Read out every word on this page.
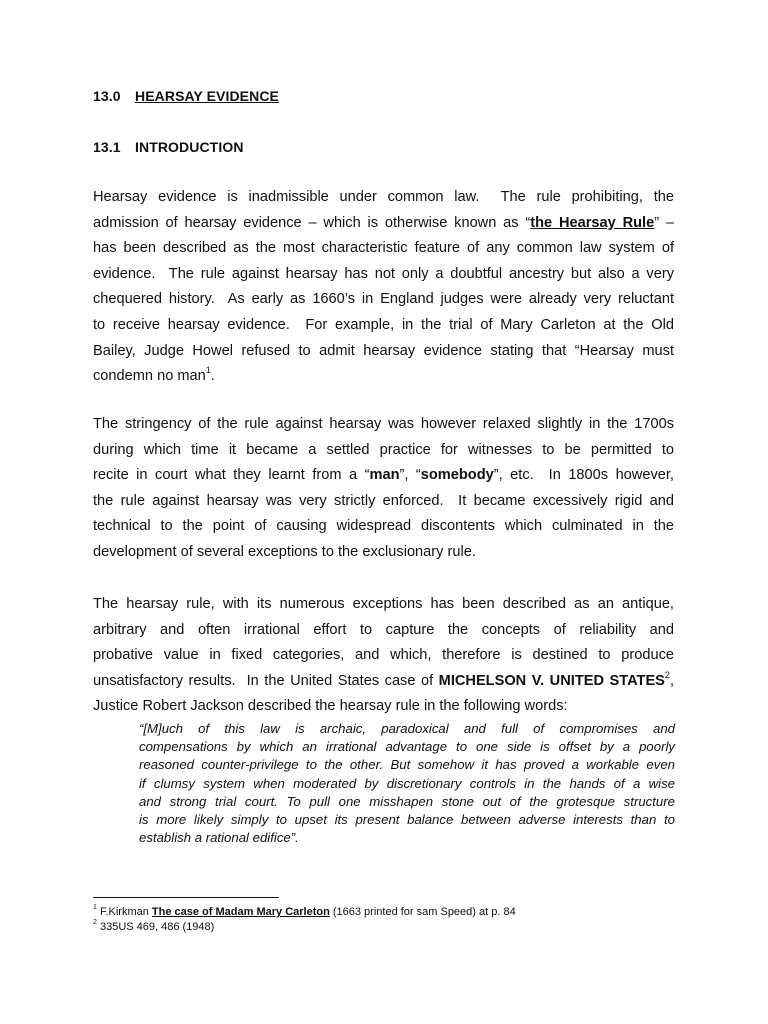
13.0 HEARSAY EVIDENCE
13.1 INTRODUCTION
Hearsay evidence is inadmissible under common law.  The rule prohibiting, the
admission of hearsay evidence – which is otherwise known as “the Hearsay Rule” –
has been described as the most characteristic feature of any common law system of
evidence.  The rule against hearsay has not only a doubtful ancestry but also a very
chequered history.  As early as 1660’s in England judges were already very reluctant
to receive hearsay evidence.  For example, in the trial of Mary Carleton at the Old
Bailey, Judge Howel refused to admit hearsay evidence stating that “Hearsay must
condemn no man$^1$.
The stringency of the rule against hearsay was however relaxed slightly in the 1700s
during which time it became a settled practice for witnesses to be permitted to
recite in court what they learnt from a “man”, “somebody”, etc.  In 1800s however,
the rule against hearsay was very strictly enforced.  It became excessively rigid and
technical to the point of causing widespread discontents which culminated in the
development of several exceptions to the exclusionary rule.
The hearsay rule, with its numerous exceptions has been described as an antique,
arbitrary and often irrational effort to capture the concepts of reliability and
probative value in fixed categories, and which, therefore is destined to produce
unsatisfactory results.  In the United States case of MICHELSON V. UNITED STATES$^2$,
Justice Robert Jackson described the hearsay rule in the following words:
“[M]uch of this law is archaic, paradoxical and full of compromises and
compensations by which an irrational advantage to one side is offset by a poorly
reasoned counter-privilege to the other. But somehow it has proved a workable even
if clumsy system when moderated by discretionary controls in the hands of a wise
and strong trial court. To pull one misshapen stone out of the grotesque structure
is more likely simply to upset its present balance between adverse interests than to
establish a rational edifice”.
$^1$ F.Kirkman The case of Madam Mary Carleton (1663 printed for sam Speed) at p. 84
$^2$ 335US 469, 486 (1948)
